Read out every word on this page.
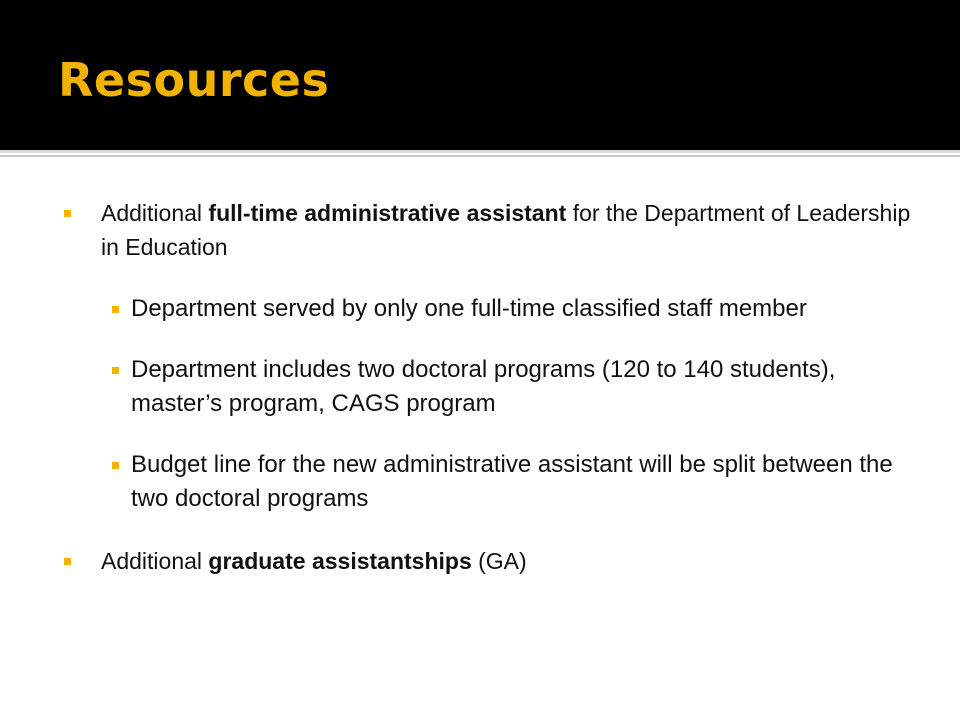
Resources
Additional full-time administrative assistant for the Department of Leadership in Education
Department served by only one full-time classified staff member
Department includes two doctoral programs (120 to 140 students), master’s program, CAGS program
Budget line for the new administrative assistant will be split between the two doctoral programs
Additional graduate assistantships (GA)
